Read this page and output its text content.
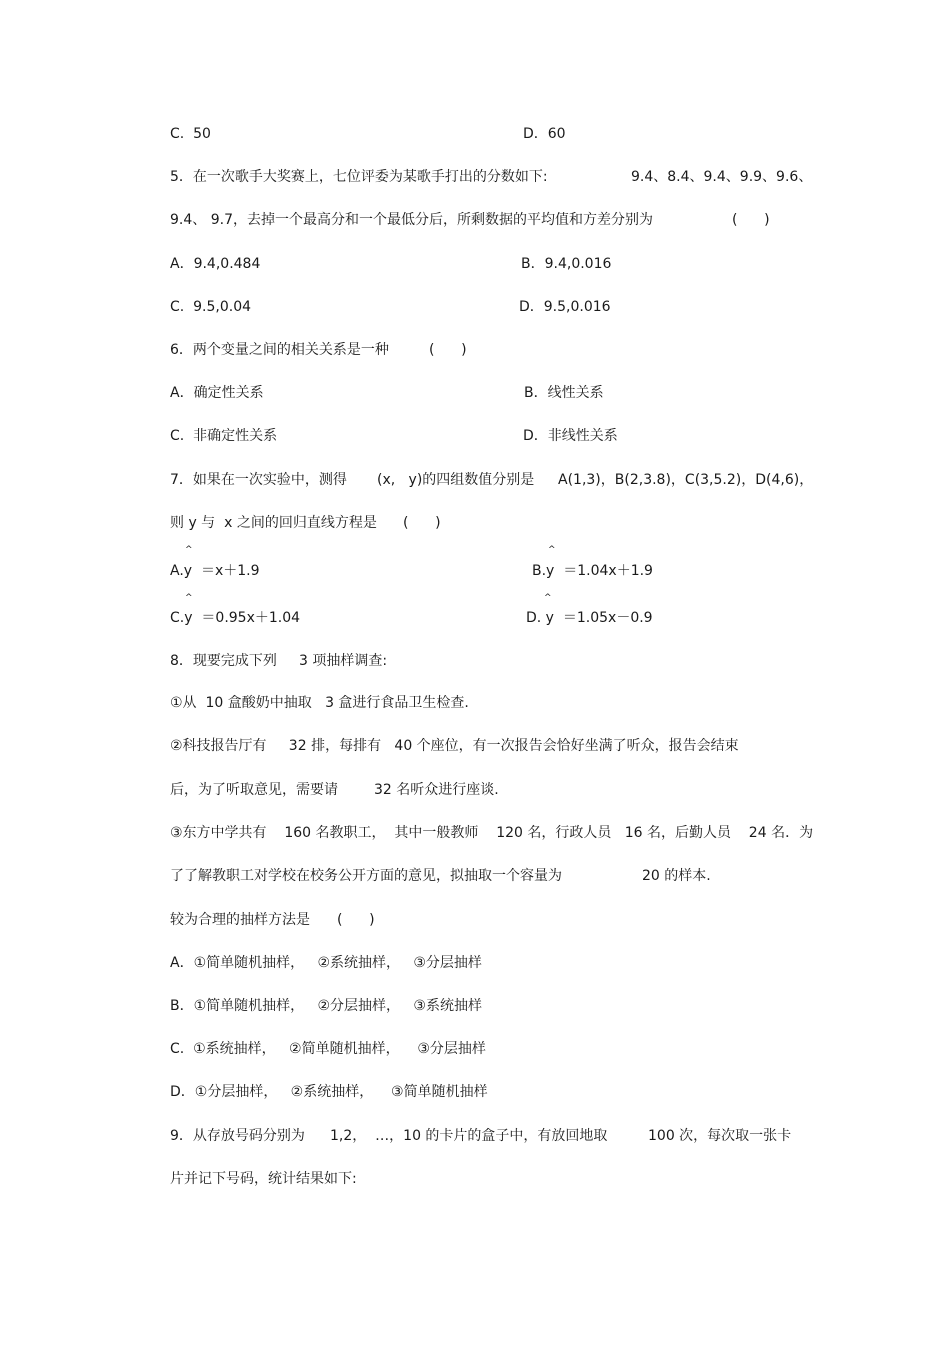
C.  50	D．60
5．在一次歌手大奖赛上，七位评委为某歌手打出的分数如下:	9.4、8.4、9.4、9.9、9.6、
9.4、 9.7，去掉一个最高分和一个最低分后，所剩数据的平均值和方差分别为	(      )
A．9.4,0.484	B．9.4,0.016
C.  9.5,0.04	D．9.5,0.016
6．两个变量之间的相关关系是一种	(      )
A．确定性关系	B．线性关系
C.  非确定性关系	D．非线性关系
7．如果在一次实验中，测得 (x,   y)的四组数值分别是 A(1,3)，B(2,3.8)，C(3,5.2)，D(4,6)，
则 y 与  x 之间的回归直线方程是 (      )
^
A.y  ＝x＋1.9
^
B.y  ＝1.04x＋1.9
^
C.y  ＝0.95x＋1.04
^
D. y  ＝1.05x－0.9
8．现要完成下列 3 项抽样调查:
①从  10 盒酸奶中抽取   3 盒进行食品卫生检查.
②科技报告厅有     32 排，每排有   40 个座位，有一次报告会恰好坐满了听众，报告会结束
后，为了听取意见，需要请	32 名听众进行座谈.
③东方中学共有    160 名教职工，  其中一般教师    120 名，行政人员   16 名，后勤人员    24 名．为
了了解教职工对学校在校务公开方面的意见，拟抽取一个容量为	20 的样本.
较为合理的抽样方法是 (      )
A．①简单随机抽样，   ②系统抽样，   ③分层抽样
B．①简单随机抽样，   ②分层抽样，   ③系统抽样
C.  ①系统抽样，   ②简单随机抽样，    ③分层抽样
D．①分层抽样，   ②系统抽样，    ③简单随机抽样
9．从存放号码分别为 1,2，  …，10 的卡片的盒子中，有放回地取	100 次，每次取一张卡
片并记下号码，统计结果如下:
